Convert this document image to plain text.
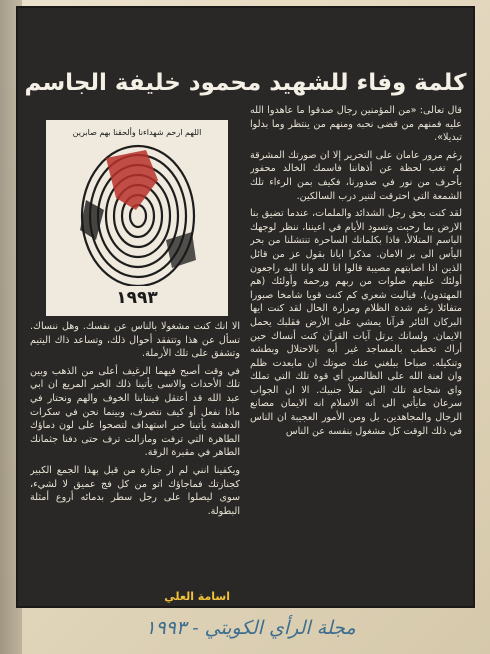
كلمة وفاء للشهيد محمود خليفة الجاسم
اللهم ارحم شهداءنا وألحقنا بهم صابرين
١٩٩٣

قال تعالى: «من المؤمنين رجال صدقوا ما عاهدوا الله عليه فمنهم من قضى نحبه ومنهم من ينتظر وما بدلوا تبديلا».

رغم مرور عامان على التحرير إلا ان صورتك المشرقة لم تغب لحظة عن أذهاننا فاسمك الخالد محفور بأحرف من نور في صدورنا، فكيف بمن الرءاء تلك الشمعة التي احترقت لتنير درب السالكين.

لقد كنت بحق رجل الشدائد والملمات، عندما تضيق بنا الارض بما رحبت وتسود الأيام في اعيننا، ننظر لوجهك الباسم المتلالأ، فاذا بكلماتك الساحرة تنتشلنا من بحر اليأس الى بر الامان. مذكرا ايانا بقول عز من قائل الذين اذا اصابتهم مصيبة قالوا انا لله وانا اليه راجعون أولئك عليهم صلوات من ربهم ورحمة وأولئك (هم المهتدون). فياليت شعري كم كنت قويا شامخا صبورا متفائلا رغم شدة الظلام ومرارة الحال لقد كنت ايها البركان الثائر قرآنا يمشي على الأرض فقلبك يحمل الايمان. ولسانك يرتل آيات القرآن كنت أنساك حين أراك تخطب بالمساجد غير أبه بالاحتلال وبطشه وتنكيله. صباحا ببلغني عنك صوتك ان مابعدت ظلم وان لعنة الله على الظالمين أي قوة تلك التي تملك واي شجاعة تلك التي تملأ جنبيك. الا ان الجواب سرعان مايأتي الى انه الاسلام انه الايمان مصانع الرجال والمجاهدين. بل ومن الأمور العجيبة ان الناس في ذلك الوقت كل مشغول بنفسه عن الناس

الا انك كنت مشغولا بالناس عن نفسك. وهل ننساك. تسأل عن هذا وتتفقد أحوال ذلك، وتساعد ذاك اليتيم وتشفق على تلك الأرملة.

في وقت أصبح فيهما الرغيف أعلى من الذهب وبين تلك الأحداث والاسى يأتينا ذلك الخبر المريع ان ابي عبد الله قد أعتقل فينتابنا الخوف والهم ونحتار في ماذا نفعل أو كيف نتصرف، وبينما نحن في سكرات الدهشة يأتينا خبر استهداف لتصحوا على لون دماؤك الطاهرة التي ترفت ومازالت ترف حتى دفنا جثمانك الطاهر في مقبرة الرقة.

ويكفينا انني لم ار جنازة من قبل بهذا الجمع الكبير كجنازتك فماجاؤك اتو من كل فج عميق لا لشيء، سوى ليصلوا على رجل سطر بدمائه أروع أمثلة البطولة.

اسامة العلي
مجلة الرأي الكويتي - ١٩٩٣
